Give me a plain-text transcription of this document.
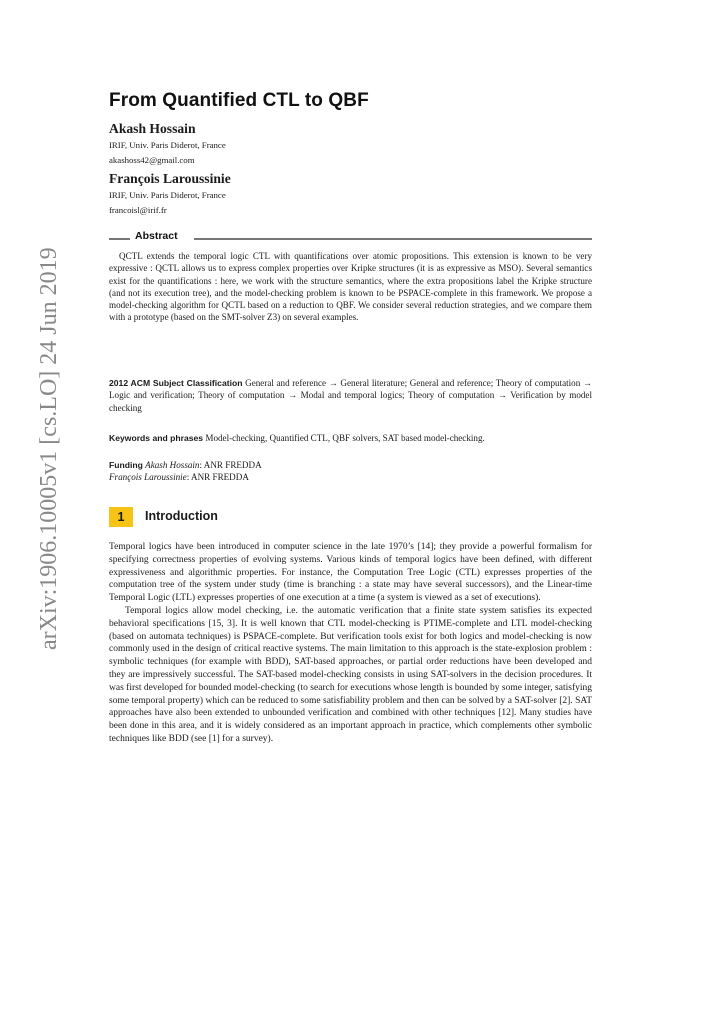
arXiv:1906.10005v1 [cs.LO] 24 Jun 2019
From Quantified CTL to QBF
Akash Hossain
IRIF, Univ. Paris Diderot, France
akashoss42@gmail.com
François Laroussinie
IRIF, Univ. Paris Diderot, France
francoisl@irif.fr
Abstract
QCTL extends the temporal logic CTL with quantifications over atomic propositions. This extension is known to be very expressive : QCTL allows us to express complex properties over Kripke structures (it is as expressive as MSO). Several semantics exist for the quantifications : here, we work with the structure semantics, where the extra propositions label the Kripke structure (and not its execution tree), and the model-checking problem is known to be PSPACE-complete in this framework. We propose a model-checking algorithm for QCTL based on a reduction to QBF. We consider several reduction strategies, and we compare them with a prototype (based on the SMT-solver Z3) on several examples.
2012 ACM Subject Classification General and reference → General literature; General and reference; Theory of computation → Logic and verification; Theory of computation → Modal and temporal logics; Theory of computation → Verification by model checking
Keywords and phrases Model-checking, Quantified CTL, QBF solvers, SAT based model-checking.
Funding Akash Hossain: ANR FREDDA
François Laroussinie: ANR FREDDA
1	Introduction

Temporal logics have been introduced in computer science in the late 1970’s [14]; they provide a powerful formalism for specifying correctness properties of evolving systems. Various kinds of temporal logics have been defined, with different expressiveness and algorithmic properties. For instance, the Computation Tree Logic (CTL) expresses properties of the computation tree of the system under study (time is branching : a state may have several successors), and the Linear-time Temporal Logic (LTL) expresses properties of one execution at a time (a system is viewed as a set of executions).

Temporal logics allow model checking, i.e. the automatic verification that a finite state system satisfies its expected behavioral specifications [15, 3]. It is well known that CTL model-checking is PTIME-complete and LTL model-checking (based on automata techniques) is PSPACE-complete. But verification tools exist for both logics and model-checking is now commonly used in the design of critical reactive systems. The main limitation to this approach is the state-explosion problem : symbolic techniques (for example with BDD), SAT-based approaches, or partial order reductions have been developed and they are impressively successful. The SAT-based model-checking consists in using SAT-solvers in the decision procedures. It was first developed for bounded model-checking (to search for executions whose length is bounded by some integer, satisfying some temporal property) which can be reduced to some satisfiability problem and then can be solved by a SAT-solver [2]. SAT approaches have also been extended to unbounded verification and combined with other techniques [12]. Many studies have been done in this area, and it is widely considered as an important approach in practice, which complements other symbolic techniques like BDD (see [1] for a survey).
